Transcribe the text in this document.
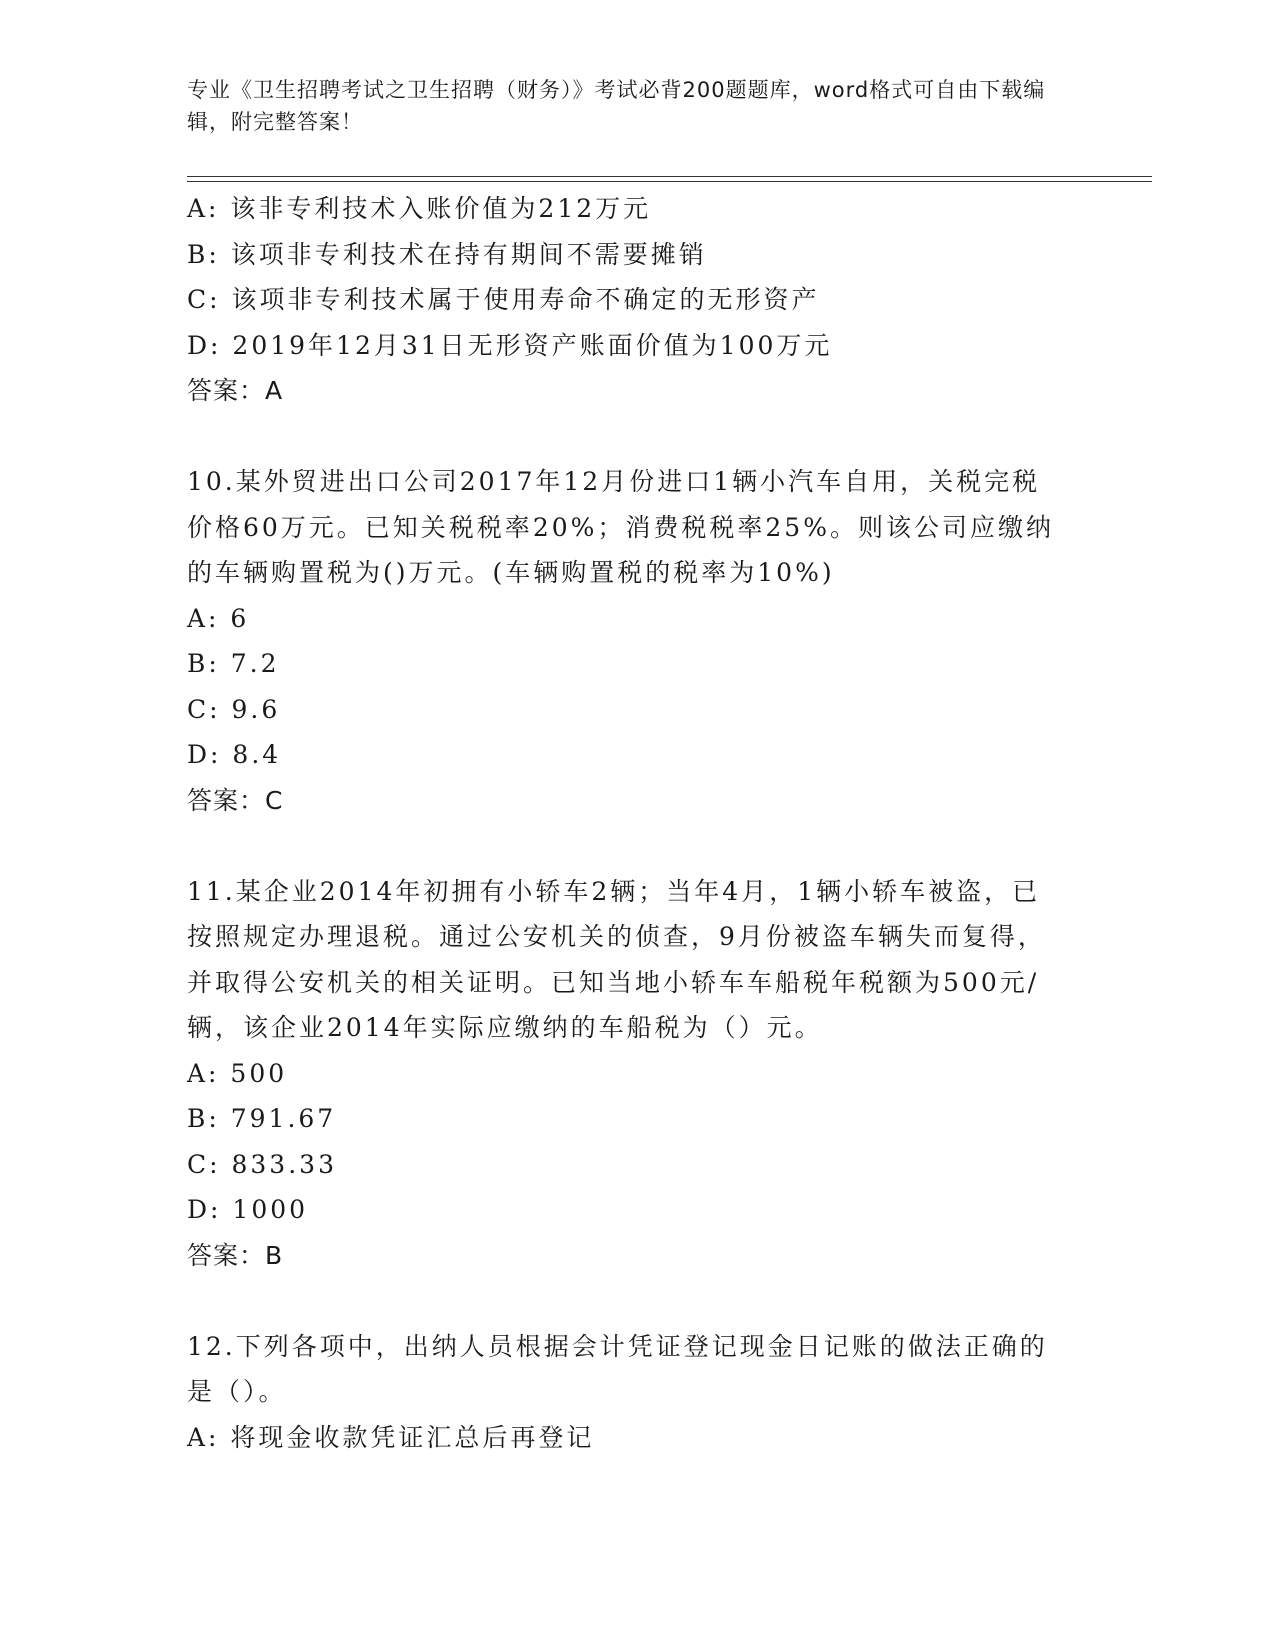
专业《卫生招聘考试之卫生招聘（财务）》考试必背200题题库，word格式可自由下载编辑，附完整答案！
A: 该非专利技术入账价值为212万元
B: 该项非专利技术在持有期间不需要摊销
C: 该项非专利技术属于使用寿命不确定的无形资产
D: 2019年12月31日无形资产账面价值为100万元
答案：A
10.某外贸进出口公司2017年12月份进口1辆小汽车自用，关税完税价格60万元。已知关税税率20%；消费税税率25%。则该公司应缴纳的车辆购置税为()万元。(车辆购置税的税率为10%)
A: 6
B: 7.2
C: 9.6
D: 8.4
答案：C
11.某企业2014年初拥有小轿车2辆；当年4月，1辆小轿车被盗，已按照规定办理退税。通过公安机关的侦查，9月份被盗车辆失而复得，并取得公安机关的相关证明。已知当地小轿车车船税年税额为500元/辆，该企业2014年实际应缴纳的车船税为（）元。
A: 500
B: 791.67
C: 833.33
D: 1000
答案：B
12.下列各项中，出纳人员根据会计凭证登记现金日记账的做法正确的是（）。
A: 将现金收款凭证汇总后再登记
